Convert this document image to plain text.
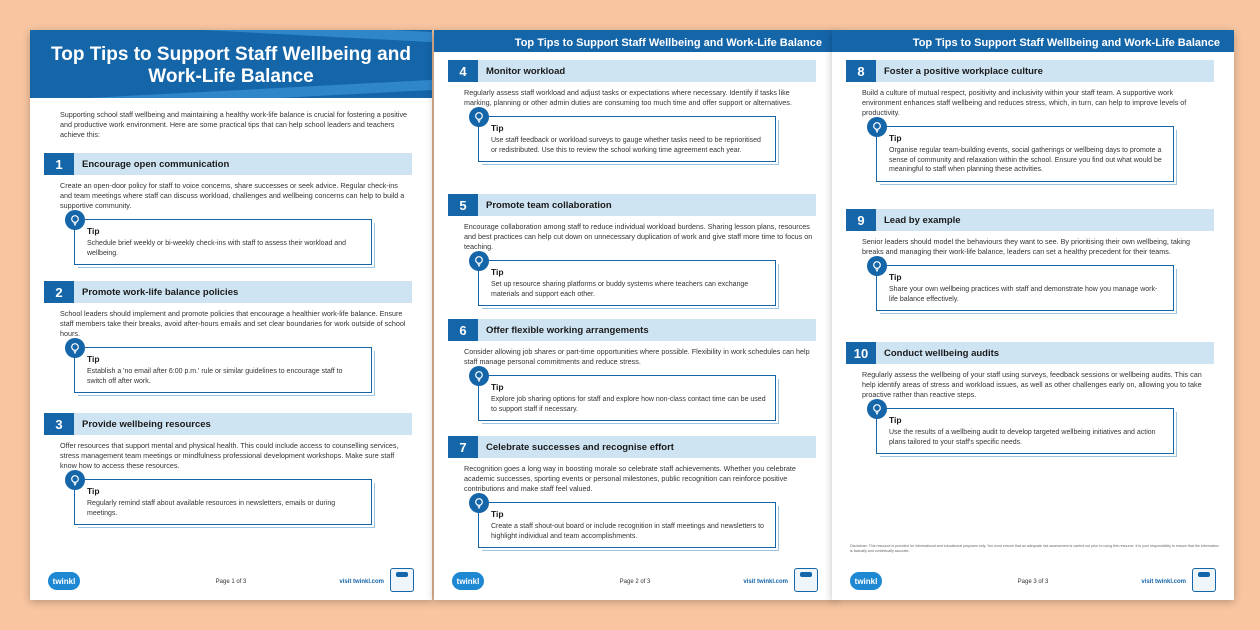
Top Tips to Support Staff Wellbeing and Work-Life Balance
Supporting school staff wellbeing and maintaining a healthy work-life balance is crucial for fostering a positive and productive work environment. Here are some practical tips that can help school leaders and teachers achieve this:
1	Encourage open communication
Create an open-door policy for staff to voice concerns, share successes or seek advice. Regular check-ins and team meetings where staff can discuss workload, challenges and wellbeing concerns can help to build a supportive community.
Tip
Schedule brief weekly or bi-weekly check-ins with staff to assess their workload and wellbeing.
2	Promote work-life balance policies
School leaders should implement and promote policies that encourage a healthier work-life balance. Ensure staff members take their breaks, avoid after-hours emails and set clear boundaries for work outside of school hours.
Tip
Establish a 'no email after 6:00 p.m.' rule or similar guidelines to encourage staff to switch off after work.
3	Provide wellbeing resources
Offer resources that support mental and physical health. This could include access to counselling services, stress management team meetings or mindfulness professional development workshops. Make sure staff know how to access these resources.
Tip
Regularly remind staff about available resources in newsletters, emails or during meetings.
twinkl	Page 1 of 3	visit twinkl.com
Top Tips to Support Staff Wellbeing and Work-Life Balance
4	Monitor workload
Regularly assess staff workload and adjust tasks or expectations where necessary. Identify if tasks like marking, planning or other admin duties are consuming too much time and offer support or alternatives.
Tip
Use staff feedback or workload surveys to gauge whether tasks need to be reprioritised or redistributed. Use this to review the school working time agreement each year.
5	Promote team collaboration
Encourage collaboration among staff to reduce individual workload burdens. Sharing lesson plans, resources and best practices can help cut down on unnecessary duplication of work and give staff more time to focus on teaching.
Tip
Set up resource sharing platforms or buddy systems where teachers can exchange materials and support each other.
6	Offer flexible working arrangements
Consider allowing job shares or part-time opportunities where possible. Flexibility in work schedules can help staff manage personal commitments and reduce stress.
Tip
Explore job sharing options for staff and explore how non-class contact time can be used to support staff if necessary.
7	Celebrate successes and recognise effort
Recognition goes a long way in boosting morale so celebrate staff achievements. Whether you celebrate academic successes, sporting events or personal milestones, public recognition can reinforce positive contributions and make staff feel valued.
Tip
Create a staff shout-out board or include recognition in staff meetings and newsletters to highlight individual and team accomplishments.
twinkl	Page 2 of 3	visit twinkl.com
Top Tips to Support Staff Wellbeing and Work-Life Balance
8	Foster a positive workplace culture
Build a culture of mutual respect, positivity and inclusivity within your staff team. A supportive work environment enhances staff wellbeing and reduces stress, which, in turn, can help to improve levels of productivity.
Tip
Organise regular team-building events, social gatherings or wellbeing days to promote a sense of community and relaxation within the school. Ensure you find out what would be meaningful to staff when planning these activities.
9	Lead by example
Senior leaders should model the behaviours they want to see. By prioritising their own wellbeing, taking breaks and managing their work-life balance, leaders can set a healthy precedent for their teams.
Tip
Share your own wellbeing practices with staff and demonstrate how you manage work-life balance effectively.
10	Conduct wellbeing audits
Regularly assess the wellbeing of your staff using surveys, feedback sessions or wellbeing audits. This can help identify areas of stress and workload issues, as well as other challenges early on, allowing you to take proactive rather than reactive steps.
Tip
Use the results of a wellbeing audit to develop targeted wellbeing initiatives and action plans tailored to your staff's specific needs.
Disclaimer: This resource is provided for informational and educational purposes only. You must ensure that an adequate risk assessment is carried out prior to using this resource. It is your responsibility to ensure that the information is factually and contextually accurate.
twinkl	Page 3 of 3	visit twinkl.com
